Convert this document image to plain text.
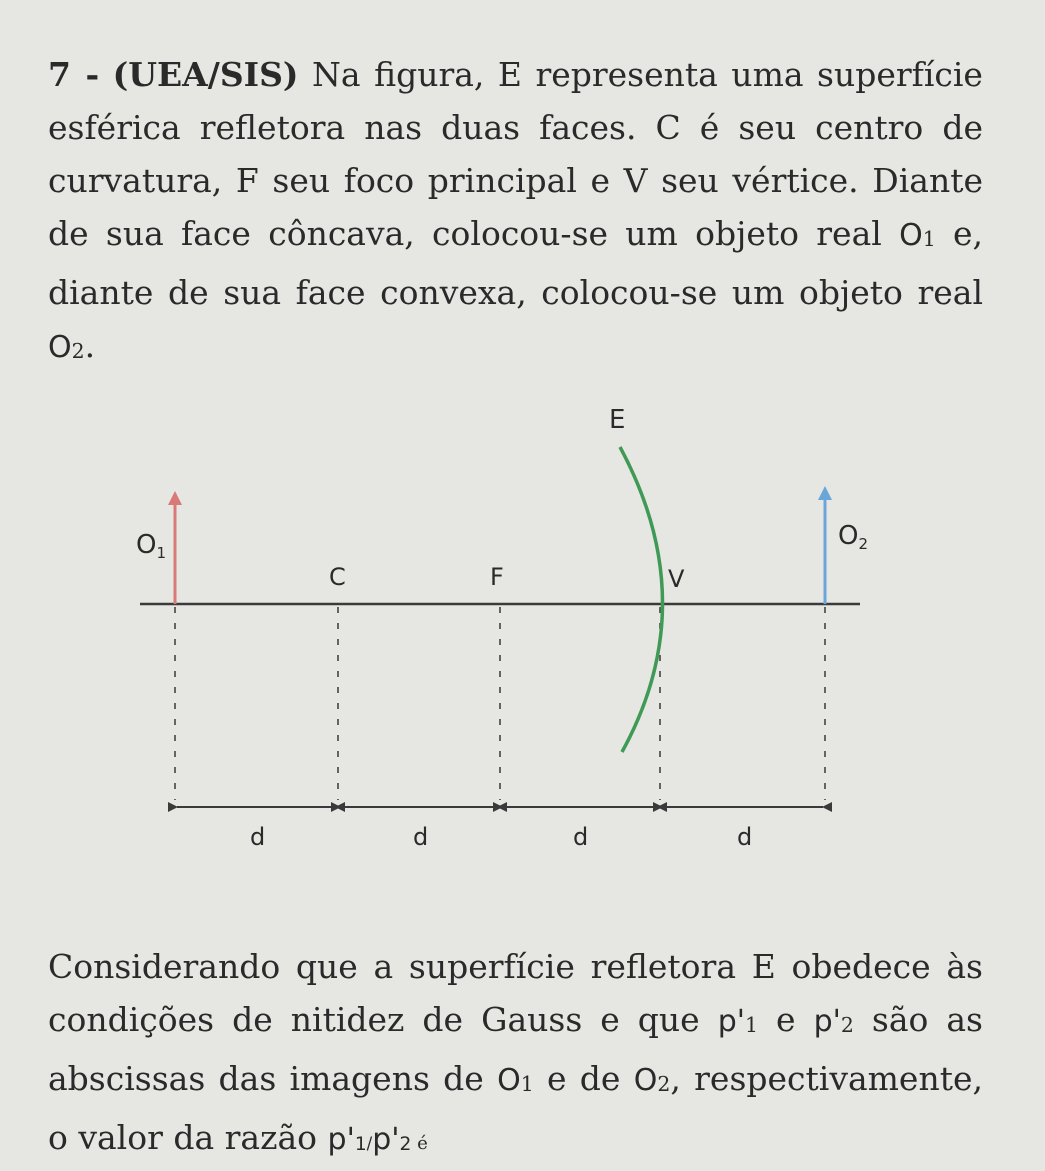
7 - (UEA/SIS) Na figura, E representa uma superfície esférica refletora nas duas faces. C é seu centro de curvatura, F seu foco principal e V seu vértice. Diante de sua face côncava, colocou-se um objeto real $O_1$ e, diante de sua face convexa, colocou-se um objeto real $O_2$.

E
O1
O2
C	F	V
d	d	d	d

Considerando que a superfície refletora E obedece às condições de nitidez de Gauss e que $p'_1$ e $p'_2$ são as abscissas das imagens de $O_1$ e de $O_2$, respectivamente, o valor da razão $p'_1/p'_2$ é
